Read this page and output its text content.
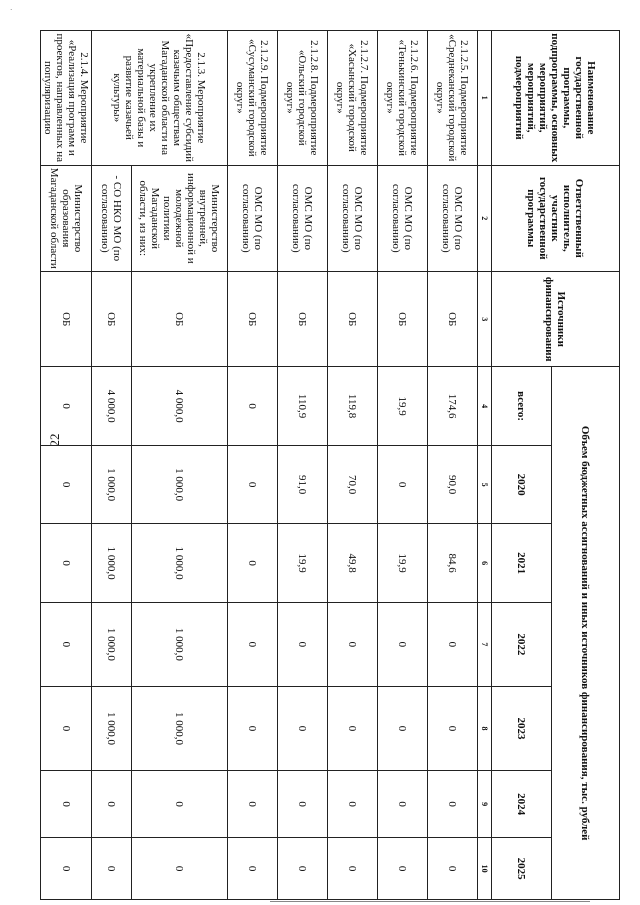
·
22
Наименование государственной программы, подпрограммы, основных мероприятий, мероприятий, подмероприятий	Ответственный исполнитель, участник государственной программы	Источники финансирования	Объем бюджетных ассигнований и иных источников финансирования, тыс. рублей						
			всего:	2020	2021	2022	2023	2024	2025
1	2	3	4	5	6	7	8	9	10
2.1.2.5. Подмероприятие «Среднеканский городской округ»	ОМС МО (по согласованию)	ОБ	174,6	90,0	84,6	0	0	0	0
2.1.2.6. Подмероприятие «Тенькинский городской округ»	ОМС МО (по согласованию)	ОБ	19,9	0	19,9	0	0	0	0
2.1.2.7. Подмероприятие «Хасынский городской округ»	ОМС МО (по согласованию)	ОБ	119,8	70,0	49,8	0	0	0	0
2.1.2.8. Подмероприятие «Ольский городской округ»	ОМС МО (по согласованию)	ОБ	110,9	91,0	19,9	0	0	0	0
2.1.2.9. Подмероприятие «Сусуманский городской округ»	ОМС МО (по согласованию)	ОБ	0	0	0	0	0	0	0
2.1.3. Мероприятие «Предоставление субсидий казачьим обществам Магаданской области на укрепление их материальной базы и развитие казачьей культуры»	Министерство внутренней, информационной и молодежной политики Магаданской области, из них:	ОБ	4 000,0	1 000,0	1 000,0	1 000,0	1 000,0	0	0
	- СО НКО МО (по согласованию)	ОБ	4 000,0	1 000,0	1 000,0	1 000,0	1 000,0	0	0
2.1.4. Мероприятие «Реализация программ и проектов, направленных на популяризацию	Министерство образования Магаданской области	ОБ	0	0	0	0	0	0	0
